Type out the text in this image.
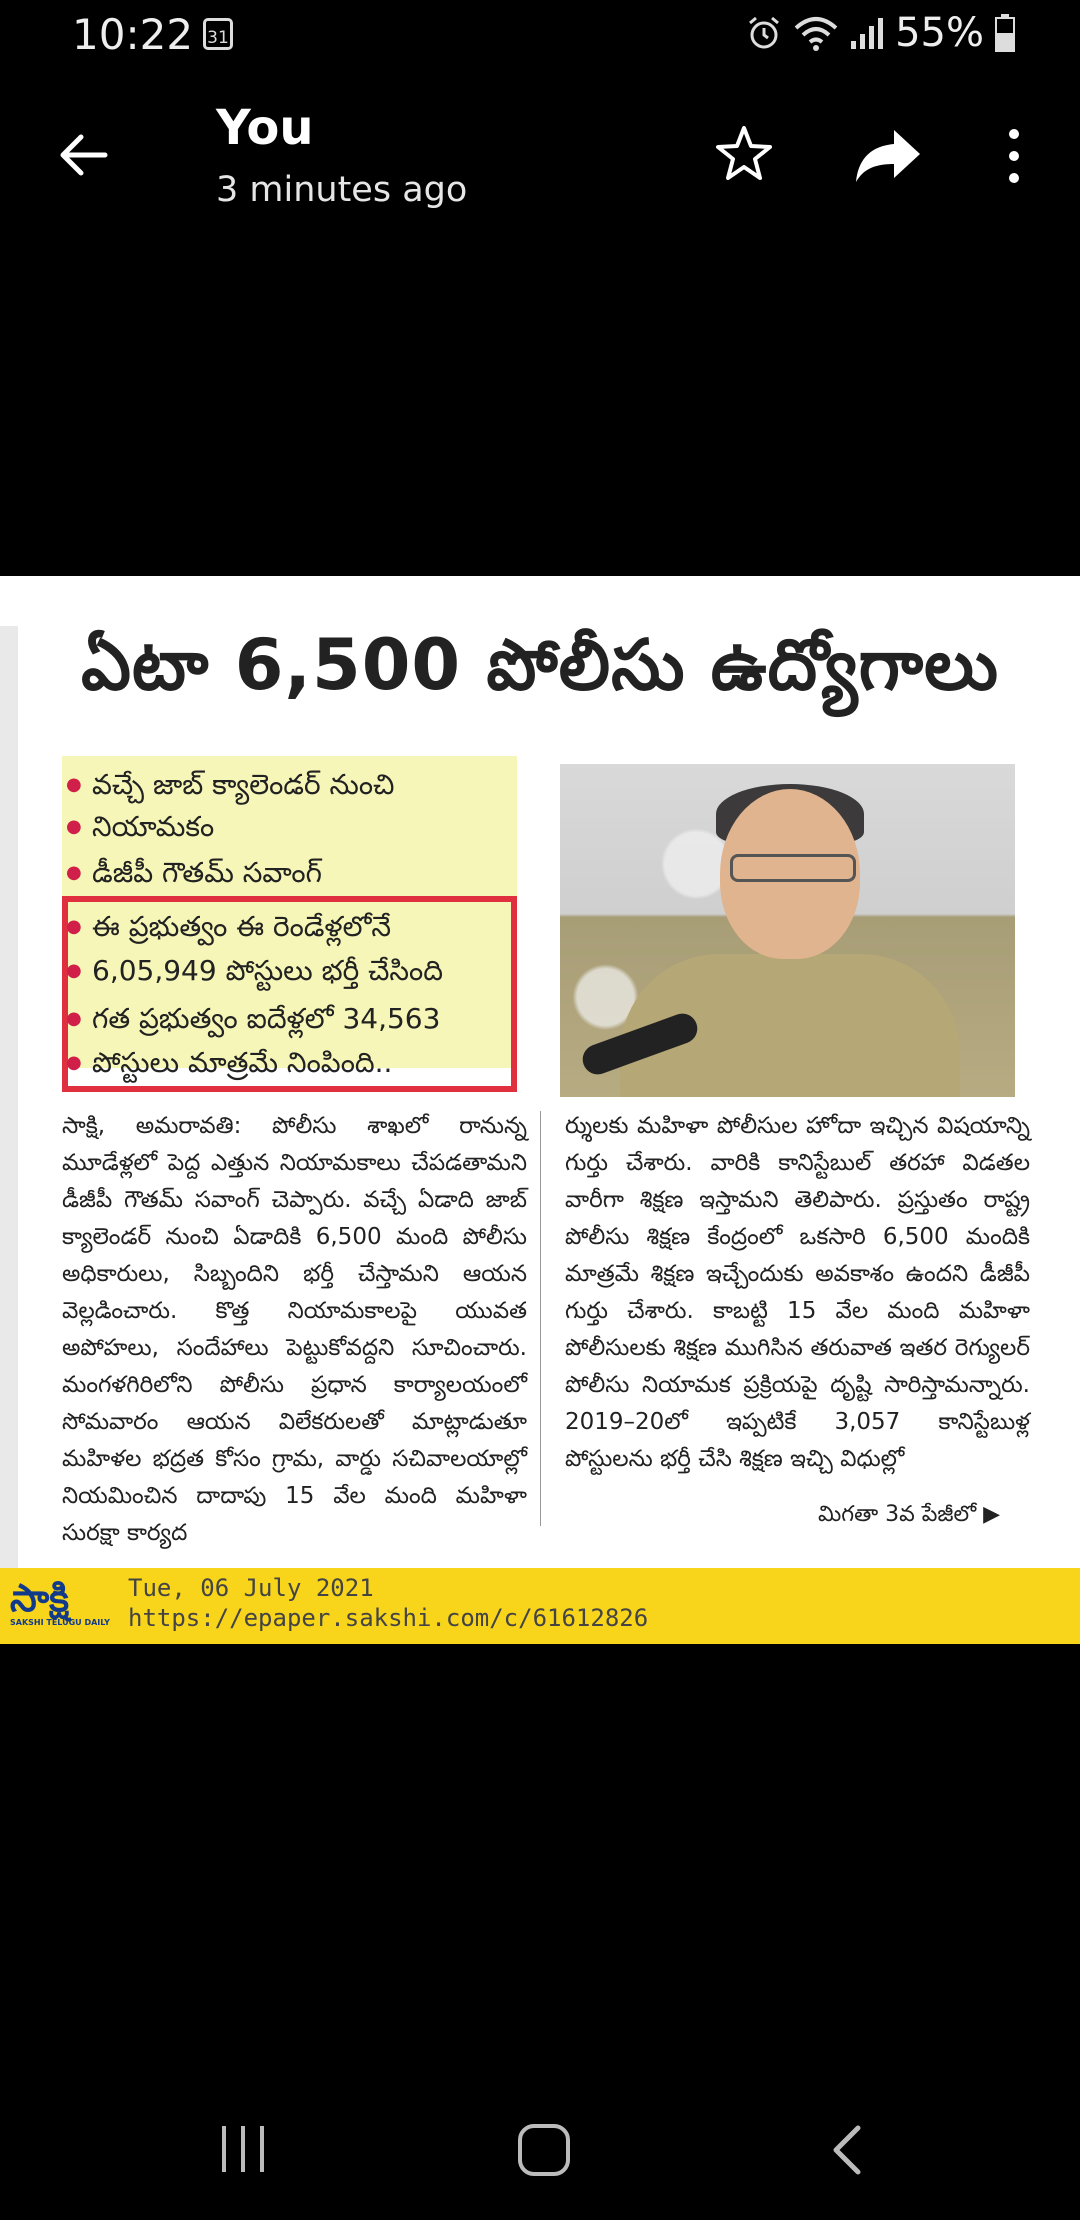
10:22 31	55%
You
3 minutes ago
ఏటా 6,500 పోలీసు ఉద్యోగాలు
● వచ్చే జాబ్ క్యాలెండర్ నుంచి
● నియామకం
● డీజీపీ గౌతమ్ సవాంగ్
● ఈ ప్రభుత్వం ఈ రెండేళ్లలోనే
● 6,05,949 పోస్టులు భర్తీ చేసింది
● గత ప్రభుత్వం ఐదేళ్లలో 34,563
● పోస్టులు మాత్రమే నింపింది..
సాక్షి, అమరావతి: పోలీసు శాఖలో రానున్న మూడేళ్లలో పెద్ద ఎత్తున నియామకాలు చేపడతామని డీజీపీ గౌతమ్ సవాంగ్ చెప్పారు. వచ్చే ఏడాది జాబ్ క్యాలెండర్ నుంచి ఏడాదికి 6,500 మంది పోలీసు అధికారులు, సిబ్బందిని భర్తీ చేస్తామని ఆయన వెల్లడించారు. కొత్త నియామకాలపై యువత అపోహలు, సందేహాలు పెట్టుకోవద్దని సూచించారు. మంగళగిరిలోని పోలీసు ప్రధాన కార్యాలయంలో సోమవారం ఆయన విలేకరులతో మాట్లాడుతూ మహిళల భద్రత కోసం గ్రామ, వార్డు సచివాలయాల్లో నియమించిన దాదాపు 15 వేల మంది మహిళా సురక్షా కార్యద
ర్శులకు మహిళా పోలీసుల హోదా ఇచ్చిన విషయాన్ని గుర్తు చేశారు. వారికి కానిస్టేబుల్ తరహా విడతల వారీగా శిక్షణ ఇస్తామని తెలిపారు. ప్రస్తుతం రాష్ట్ర పోలీసు శిక్షణ కేంద్రంలో ఒకసారి 6,500 మందికి మాత్రమే శిక్షణ ఇచ్చేందుకు అవకాశం ఉందని డీజీపీ గుర్తు చేశారు. కాబట్టి 15 వేల మంది మహిళా పోలీసులకు శిక్షణ ముగిసిన తరువాత ఇతర రెగ్యులర్ పోలీసు నియామక ప్రక్రియపై దృష్టి సారిస్తామన్నారు. 2019–20లో ఇప్పటికే 3,057 కానిస్టేబుళ్ల పోస్టులను భర్తీ చేసి శిక్షణ ఇచ్చి విధుల్లో
మిగతా 3వ పేజీలో ▶
సాక్షి
SAKSHI TELUGU DAILY
Tue, 06 July 2021
https://epaper.sakshi.com/c/61612826
